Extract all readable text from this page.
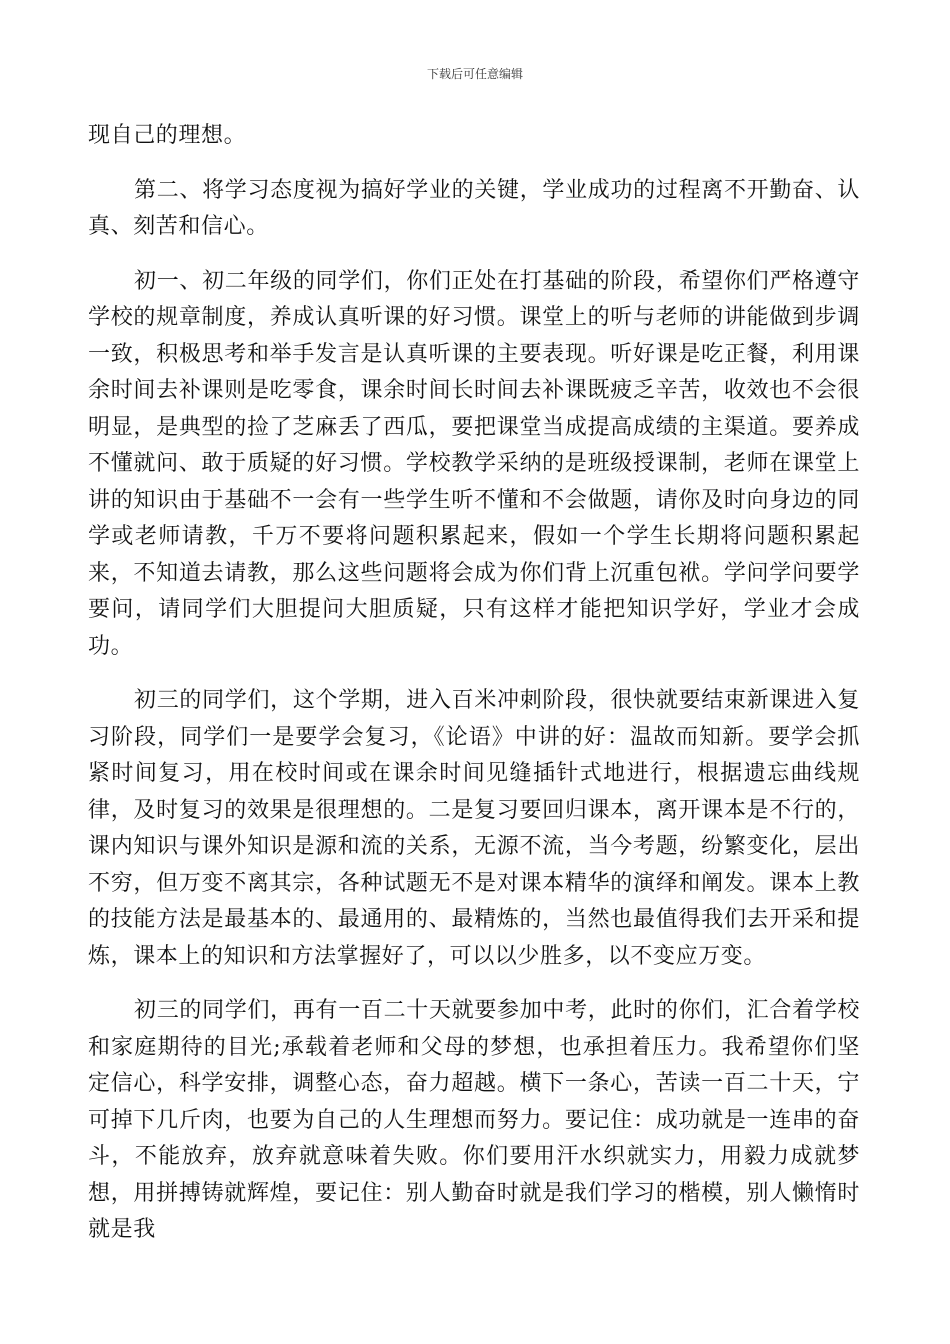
下载后可任意编辑

现自己的理想。

第二、将学习态度视为搞好学业的关键，学业成功的过程离不开勤奋、认真、刻苦和信心。

初一、初二年级的同学们，你们正处在打基础的阶段，希望你们严格遵守学校的规章制度，养成认真听课的好习惯。课堂上的听与老师的讲能做到步调一致，积极思考和举手发言是认真听课的主要表现。听好课是吃正餐，利用课余时间去补课则是吃零食，课余时间长时间去补课既疲乏辛苦，收效也不会很明显，是典型的捡了芝麻丢了西瓜，要把课堂当成提高成绩的主渠道。要养成不懂就问、敢于质疑的好习惯。学校教学采纳的是班级授课制，老师在课堂上讲的知识由于基础不一会有一些学生听不懂和不会做题，请你及时向身边的同学或老师请教，千万不要将问题积累起来，假如一个学生长期将问题积累起来，不知道去请教，那么这些问题将会成为你们背上沉重包袱。学问学问要学要问，请同学们大胆提问大胆质疑，只有这样才能把知识学好，学业才会成功。

初三的同学们，这个学期，进入百米冲刺阶段，很快就要结束新课进入复习阶段，同学们一是要学会复习，《论语》中讲的好：温故而知新。要学会抓紧时间复习，用在校时间或在课余时间见缝插针式地进行，根据遗忘曲线规律，及时复习的效果是很理想的。二是复习要回归课本，离开课本是不行的，课内知识与课外知识是源和流的关系，无源不流，当今考题，纷繁变化，层出不穷，但万变不离其宗，各种试题无不是对课本精华的演绎和阐发。课本上教的技能方法是最基本的、最通用的、最精炼的，当然也最值得我们去开采和提炼，课本上的知识和方法掌握好了，可以以少胜多，以不变应万变。

初三的同学们，再有一百二十天就要参加中考，此时的你们，汇合着学校和家庭期待的目光;承载着老师和父母的梦想，也承担着压力。我希望你们坚定信心，科学安排，调整心态，奋力超越。横下一条心，苦读一百二十天，宁可掉下几斤肉，也要为自己的人生理想而努力。要记住：成功就是一连串的奋斗，不能放弃，放弃就意味着失败。你们要用汗水织就实力，用毅力成就梦想，用拼搏铸就辉煌，要记住：别人勤奋时就是我们学习的楷模，别人懒惰时就是我
